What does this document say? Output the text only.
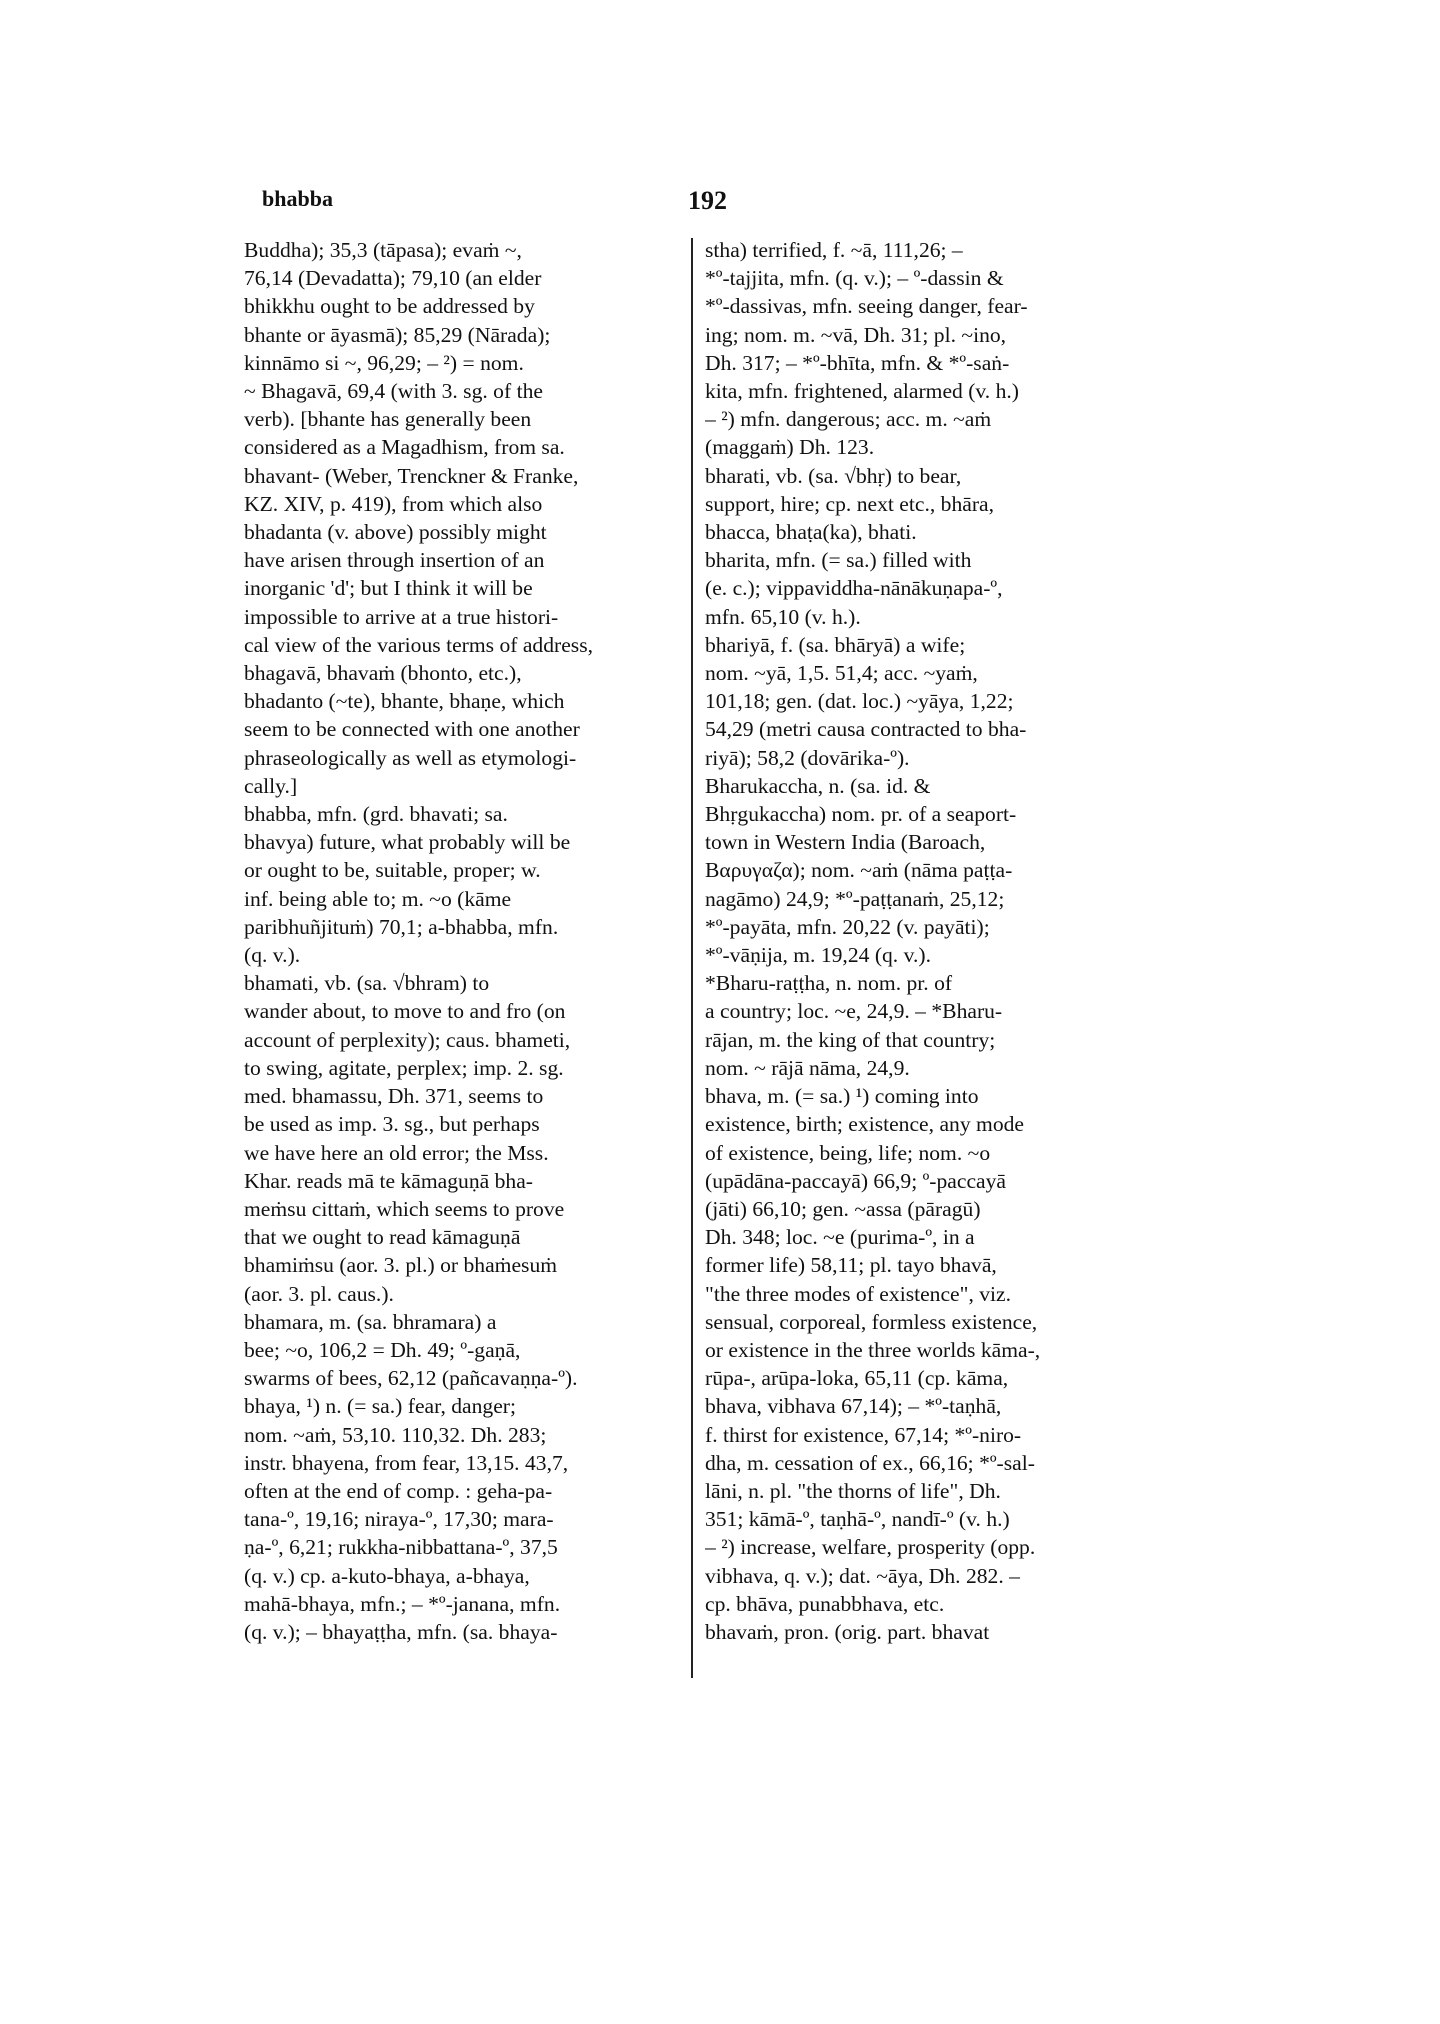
bhabba	192
Buddha); 35,3 (tāpasa); evaṁ ~,
76,14 (Devadatta); 79,10 (an elder
bhikkhu ought to be addressed by
bhante or āyasmā); 85,29 (Nārada);
kinnāmo si ~, 96,29; – ²) = nom.
~ Bhagavā, 69,4 (with 3. sg. of the
verb). [bhante has generally been
considered as a Magadhism, from sa.
bhavant- (Weber, Trenckner & Franke,
KZ. XIV, p. 419), from which also
bhadanta (v. above) possibly might
have arisen through insertion of an
inorganic 'd'; but I think it will be
impossible to arrive at a true histori-
cal view of the various terms of address,
bhagavā, bhavaṁ (bhonto, etc.),
bhadanto (~te), bhante, bhaṇe, which
seem to be connected with one another
phraseologically as well as etymologi-
cally.]
bhabba, mfn. (grd. bhavati; sa.
bhavya) future, what probably will be
or ought to be, suitable, proper; w.
inf. being able to; m. ~o (kāme
paribhuñjituṁ) 70,1; a-bhabba, mfn.
(q. v.).
bhamati, vb. (sa. √bhram) to
wander about, to move to and fro (on
account of perplexity); caus. bhameti,
to swing, agitate, perplex; imp. 2. sg.
med. bhamassu, Dh. 371, seems to
be used as imp. 3. sg., but perhaps
we have here an old error; the Mss.
Khar. reads mā te kāmaguṇā bha-
meṁsu cittaṁ, which seems to prove
that we ought to read kāmaguṇā
bhamiṁsu (aor. 3. pl.) or bhaṁesuṁ
(aor. 3. pl. caus.).
bhamara, m. (sa. bhramara) a
bee; ~o, 106,2 = Dh. 49; º-gaṇā,
swarms of bees, 62,12 (pañcavaṇṇa-º).
bhaya, ¹) n. (= sa.) fear, danger;
nom. ~aṁ, 53,10. 110,32. Dh. 283;
instr. bhayena, from fear, 13,15. 43,7,
often at the end of comp. : geha-pa-
tana-º, 19,16; niraya-º, 17,30; mara-
ṇa-º, 6,21; rukkha-nibbattana-º, 37,5
(q. v.) cp. a-kuto-bhaya, a-bhaya,
mahā-bhaya, mfn.; – *º-janana, mfn.
(q. v.); – bhayaṭṭha, mfn. (sa. bhaya-
stha) terrified, f. ~ā, 111,26; –
*º-tajjita, mfn. (q. v.); – º-dassin &
*º-dassivas, mfn. seeing danger, fear-
ing; nom. m. ~vā, Dh. 31; pl. ~ino,
Dh. 317; – *º-bhīta, mfn. & *º-saṅ-
kita, mfn. frightened, alarmed (v. h.)
– ²) mfn. dangerous; acc. m. ~aṁ
(maggaṁ) Dh. 123.
bharati, vb. (sa. √bhṛ) to bear,
support, hire; cp. next etc., bhāra,
bhacca, bhaṭa(ka), bhati.
bharita, mfn. (= sa.) filled with
(e. c.); vippaviddha-nānākuṇapa-º,
mfn. 65,10 (v. h.).
bhariyā, f. (sa. bhāryā) a wife;
nom. ~yā, 1,5. 51,4; acc. ~yaṁ,
101,18; gen. (dat. loc.) ~yāya, 1,22;
54,29 (metri causa contracted to bha-
riyā); 58,2 (dovārika-º).
Bharukaccha, n. (sa. id. &
Bhṛgukaccha) nom. pr. of a seaport-
town in Western India (Baroach,
Βαρυγαζα); nom. ~aṁ (nāma paṭṭa-
nagāmo) 24,9; *º-paṭṭanaṁ, 25,12;
*º-payāta, mfn. 20,22 (v. payāti);
*º-vāṇija, m. 19,24 (q. v.).
*Bharu-raṭṭha, n. nom. pr. of
a country; loc. ~e, 24,9. – *Bharu-
rājan, m. the king of that country;
nom. ~ rājā nāma, 24,9.
bhava, m. (= sa.) ¹) coming into
existence, birth; existence, any mode
of existence, being, life; nom. ~o
(upādāna-paccayā) 66,9; º-paccayā
(jāti) 66,10; gen. ~assa (pāragū)
Dh. 348; loc. ~e (purima-º, in a
former life) 58,11; pl. tayo bhavā,
"the three modes of existence", viz.
sensual, corporeal, formless existence,
or existence in the three worlds kāma-,
rūpa-, arūpa-loka, 65,11 (cp. kāma,
bhava, vibhava 67,14); – *º-taṇhā,
f. thirst for existence, 67,14; *º-niro-
dha, m. cessation of ex., 66,16; *º-sal-
lāni, n. pl. "the thorns of life", Dh.
351; kāmā-º, taṇhā-º, nandī-º (v. h.)
– ²) increase, welfare, prosperity (opp.
vibhava, q. v.); dat. ~āya, Dh. 282. –
cp. bhāva, punabbhava, etc.
bhavaṁ, pron. (orig. part. bhavat
